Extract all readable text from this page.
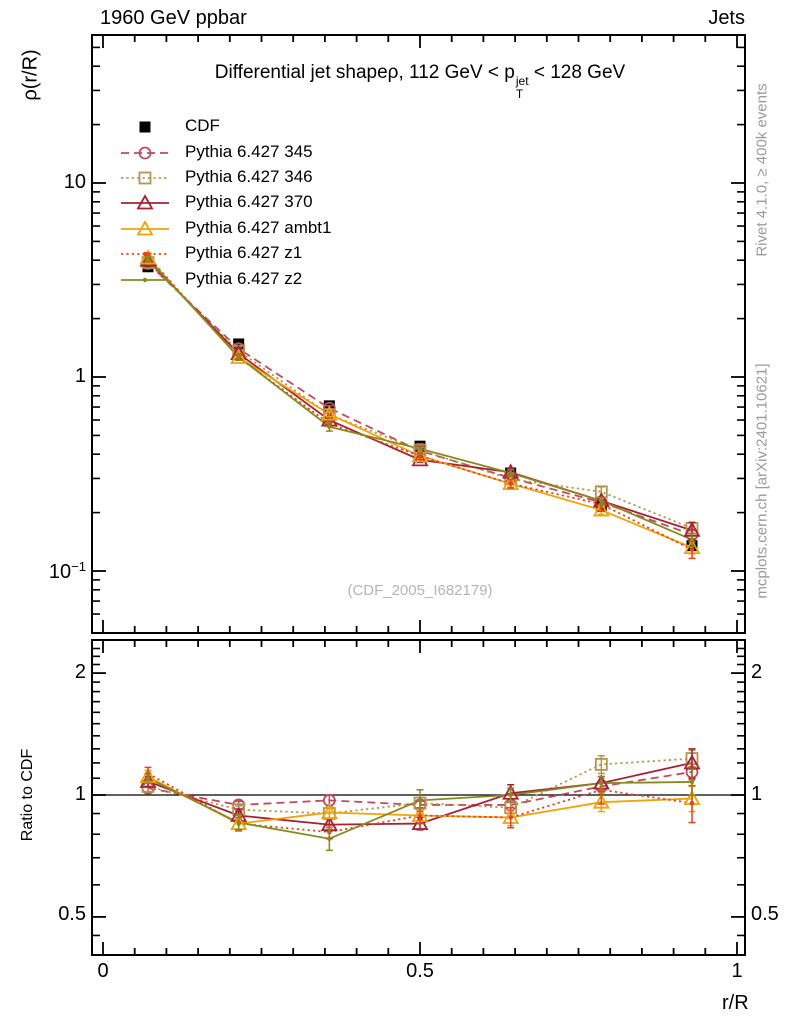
1960 GeV ppbar	Jets
Differential jet shapeρ, 112 GeV < p jet
T
< 128 GeV
CDF
Pythia 6.427 345
Pythia 6.427 346
Pythia 6.427 370
Pythia 6.427 ambt1
Pythia 6.427 z1
Pythia 6.427 z2
10
1
$10^{-1}$
2
1
0.5
2
1
0.5
0	0.5	1
ρ(r/R)
Ratio to CDF
r/R
Rivet 4.1.0, ≥ 400k events
mcplots.cern.ch [arXiv:2401.10621]
(CDF_2005_I682179)
